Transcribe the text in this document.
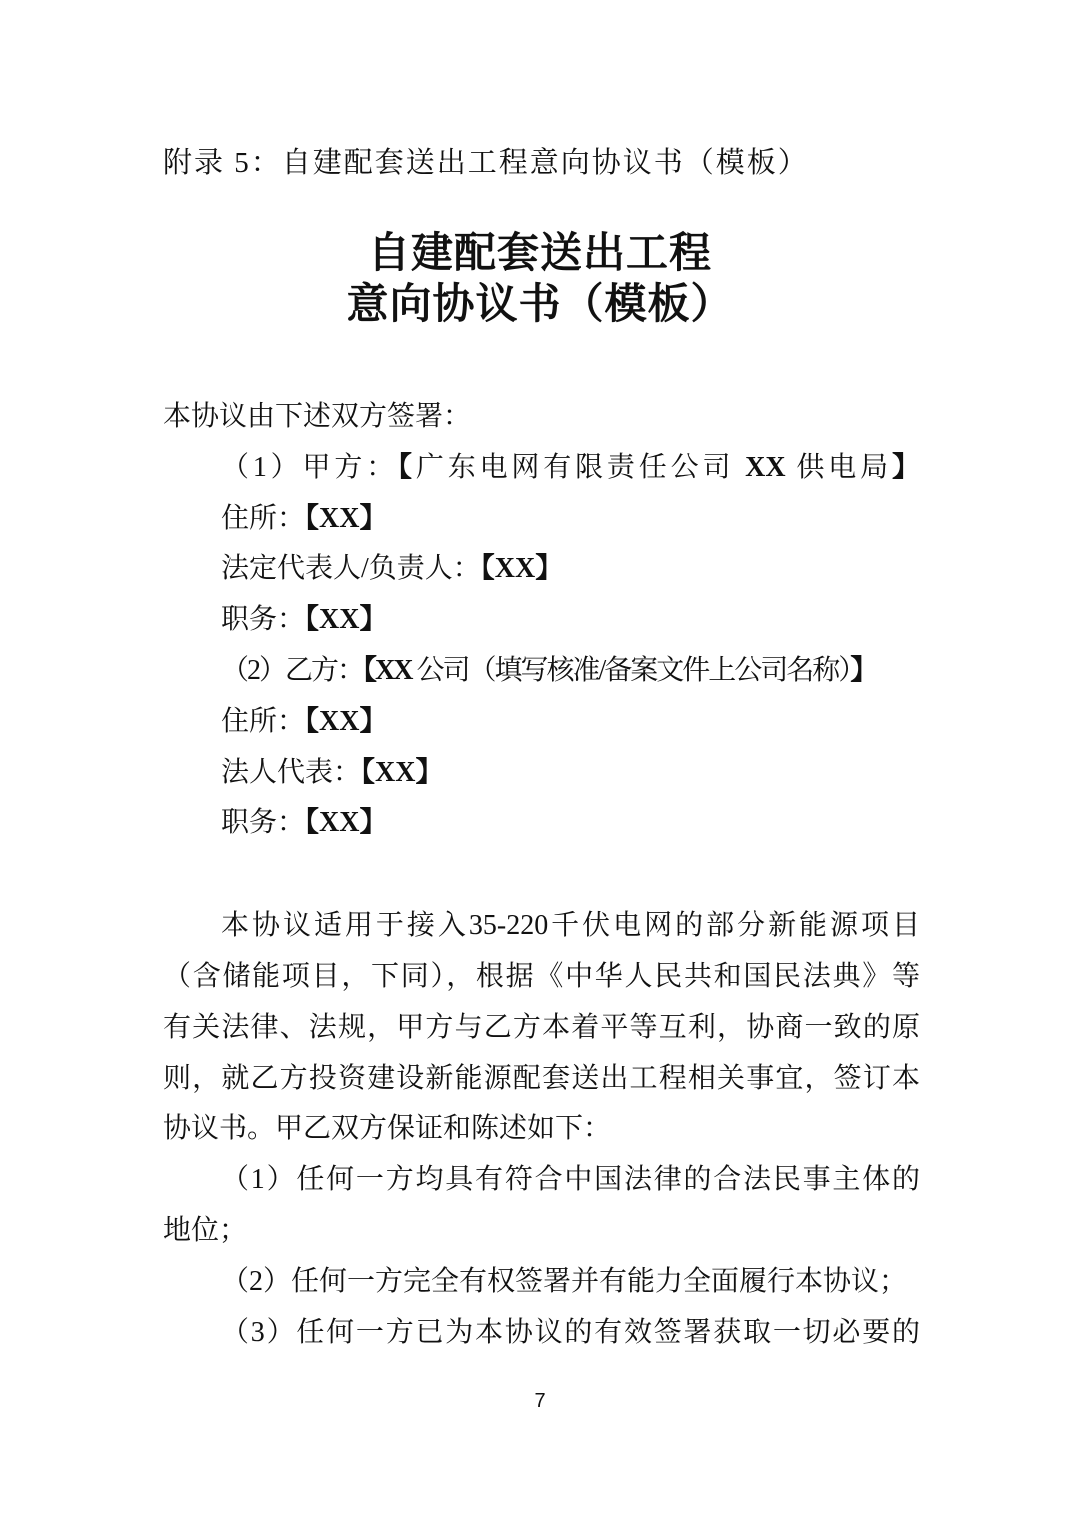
附录 5：自建配套送出工程意向协议书（模板）
自建配套送出工程
意向协议书（模板）
本协议由下述双方签署：
（1）甲方：【广东电网有限责任公司 XX 供电局】
住所：【XX】
法定代表人/负责人：【XX】
职务：【XX】
（2）乙方：【XX 公司（填写核准/备案文件上公司名称）】
住所：【XX】
法人代表：【XX】
职务：【XX】
本协议适用于接入35-220千伏电网的部分新能源项目
（含储能项目，下同），根据《中华人民共和国民法典》等
有关法律、法规，甲方与乙方本着平等互利，协商一致的原
则，就乙方投资建设新能源配套送出工程相关事宜，签订本
协议书。甲乙双方保证和陈述如下：
（1）任何一方均具有符合中国法律的合法民事主体的
地位；
（2）任何一方完全有权签署并有能力全面履行本协议；
（3）任何一方已为本协议的有效签署获取一切必要的
7
